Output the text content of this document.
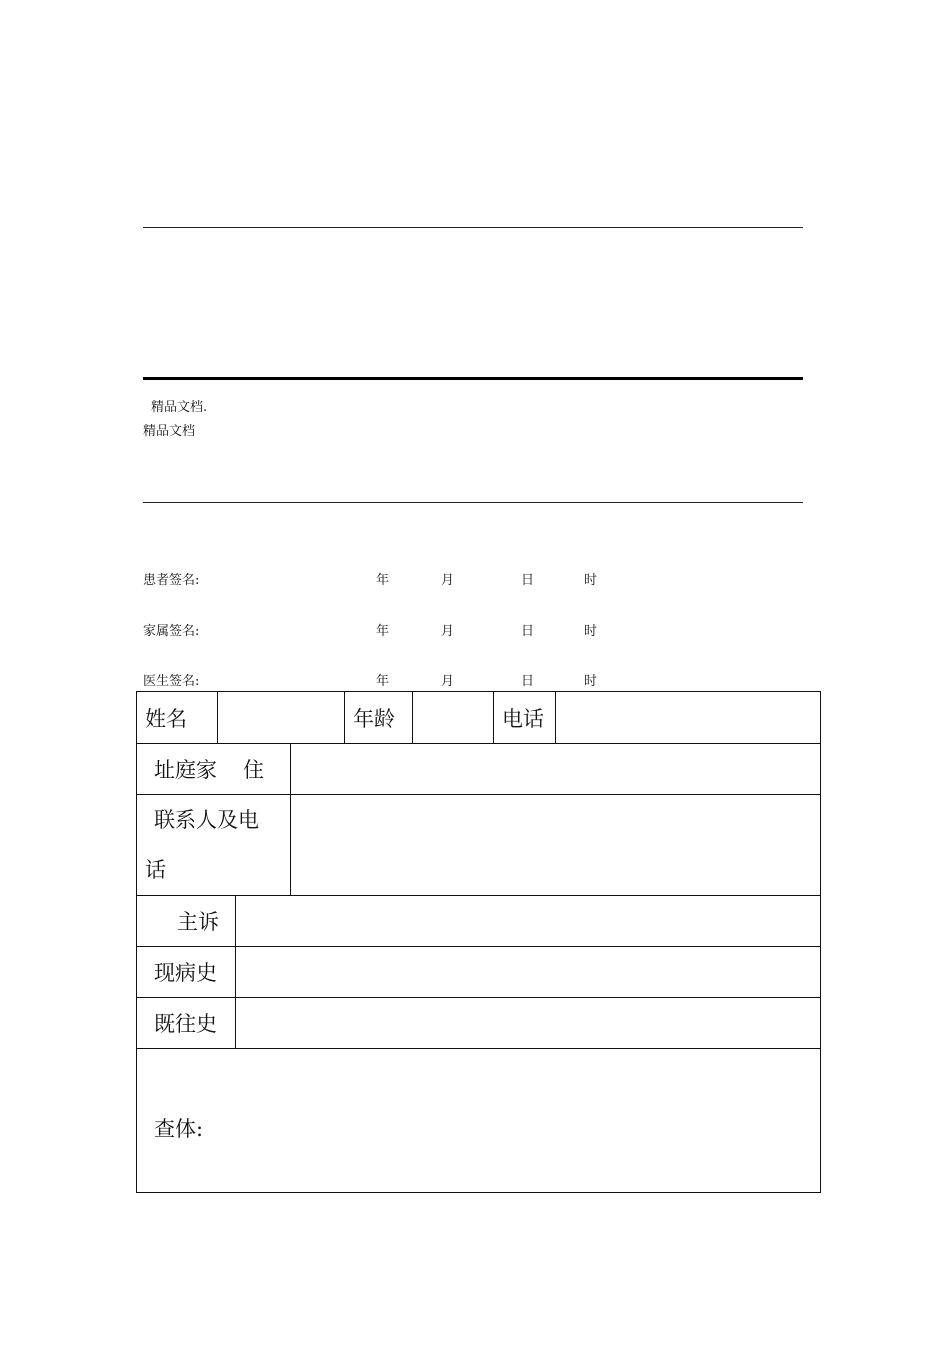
精品文档.
精品文档
患者签名:	年	月	日	时
家属签名:	年	月	日	时
医生签名:	年	月	日	时
姓名				年龄		电话	
址庭家 住							

联系人及电
话							

主诉							
现病史							
既往史							

查体:							
